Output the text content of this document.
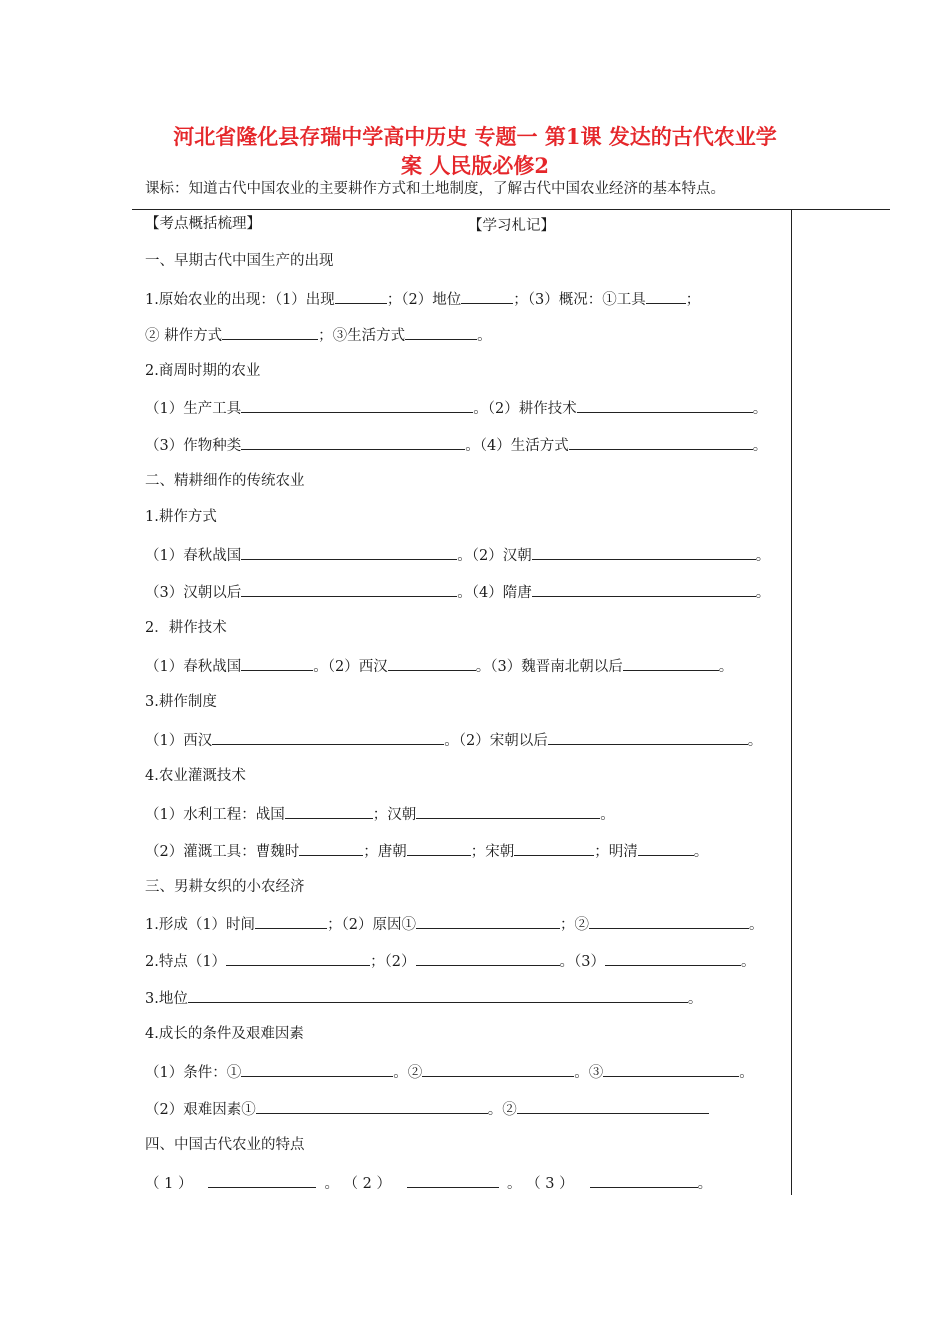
河北省隆化县存瑞中学高中历史 专题一 第1课 发达的古代农业学
案 人民版必修2
课标：知道古代中国农业的主要耕作方式和土地制度，了解古代中国农业经济的基本特点。
【考点概括梳理】	【学习札记】
一、早期古代中国生产的出现
1.原始农业的出现：（1）出现	；（2）地位	；（3）概况：①工具	；
② 耕作方式	；③生活方式	。
2.商周时期的农业
（1）生产工具	。（2）耕作技术	。
（3）作物种类	。（4）生活方式	。
二、精耕细作的传统农业
1.耕作方式
（1）春秋战国	。（2）汉朝	。
（3）汉朝以后	。（4）隋唐	。
2．耕作技术
（1）春秋战国	。（2）西汉	。（3）魏晋南北朝以后	。
3.耕作制度
（1）西汉	。（2）宋朝以后	。
4.农业灌溉技术
（1）水利工程：战国	；汉朝	。
（2）灌溉工具：曹魏时	；唐朝	；宋朝	；明清	。
三、男耕女织的小农经济
1.形成（1）时间	；（2）原因①	；②	。
2.特点（1）	；（2）	。（3）	。
3.地位	。
4.成长的条件及艰难因素
（1）条件：①	。②	。③	。
（2）艰难因素①	。②
四、中国古代农业的特点
（ 1 ）	。 （ 2 ）	。 （ 3 ）	。
